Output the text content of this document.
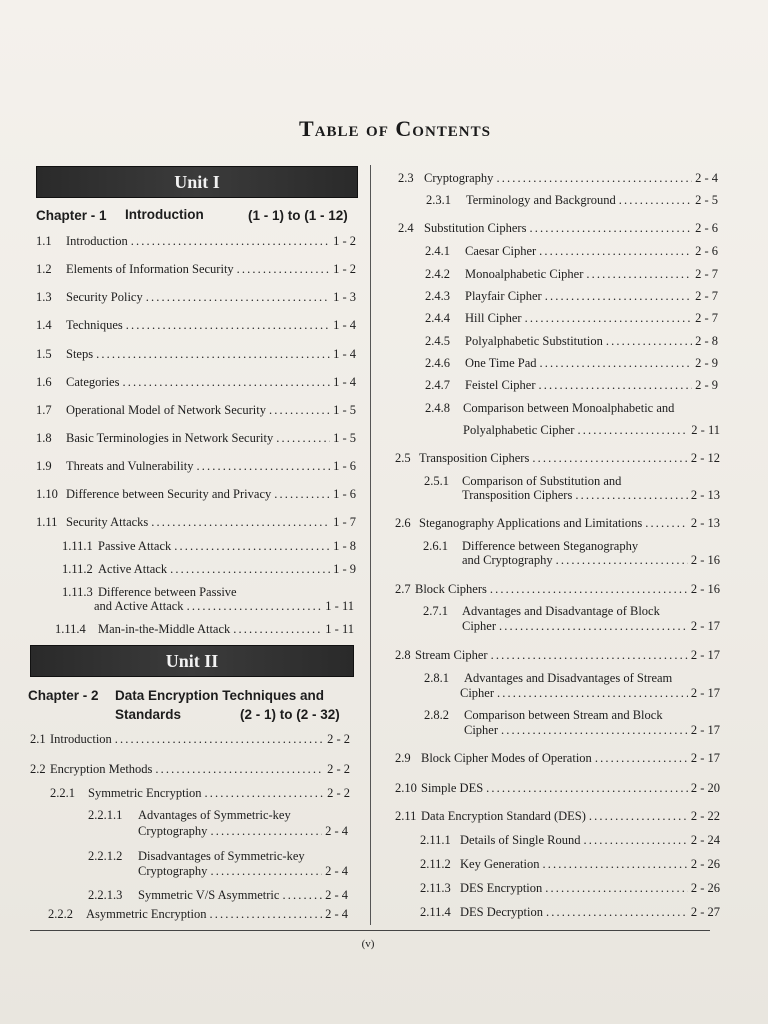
Table of Contents
Unit I
Chapter - 1 Introduction	(1 - 1) to (1 - 12)
1.1	Introduction . . .	1 - 2
1.2	Elements of Information Security . . .	1 - 2
1.3	Security Policy . . .	1 - 3
1.4	Techniques . . .	1 - 4
1.5	Steps . . .	1 - 4
1.6	Categories . . .	1 - 4
1.7	Operational Model of Network Security . . .	1 - 5
1.8	Basic Terminologies in Network Security . . .	1 - 5
1.9	Threats and Vulnerability . . .	1 - 6
1.10 Difference between Security and Privacy . . .	1 - 6
1.11 Security Attacks . . .	1 - 7
1.11.1 Passive Attack . . .	1 - 8
1.11.2 Active Attack . . .	1 - 9
1.11.3 Difference between Passive
and Active Attack . . .	1 - 11
1.11.4 Man-in-the-Middle Attack . . .	1 - 11
Unit II
Chapter - 2 Data Encryption Techniques and
Standards	(2 - 1) to (2 - 32)
2.1 Introduction . . .	2 - 2
2.2 Encryption Methods . . .	2 - 2
2.2.1	Symmetric Encryption . . .	2 - 2
2.2.1.1 Advantages of Symmetric-key
Cryptography . . .	2 - 4
2.2.1.2 Disadvantages of Symmetric-key
Cryptography . . .	2 - 4
2.2.1.3	Symmetric V/S Asymmetric . . .	2 - 4
2.2.2	Asymmetric Encryption . . .	2 - 4
2.3 Cryptography . . .	2 - 4
2.3.1	Terminology and Background . . .	2 - 5
2.4 Substitution Ciphers . . .	2 - 6
2.4.1	Caesar Cipher . . .	2 - 6
2.4.2	Monoalphabetic Cipher . . .	2 - 7
2.4.3	Playfair Cipher . . .	2 - 7
2.4.4	Hill Cipher . . .	2 - 7
2.4.5	Polyalphabetic Substitution . . .	2 - 8
2.4.6	One Time Pad . . .	2 - 9
2.4.7	Feistel Cipher . . .	2 - 9
2.4.8 Comparison between Monoalphabetic and
Polyalphabetic Cipher . . .	2 - 11
2.5 Transposition Ciphers . . .	2 - 12
2.5.1 Comparison of Substitution and
Transposition Ciphers . . .	2 - 13
2.6 Steganography Applications and Limitations . . .	2 - 13
2.6.1 Difference between Steganography
and Cryptography . . .	2 - 16
2.7 Block Ciphers . . .	2 - 16
2.7.1 Advantages and Disadvantage of Block
Cipher . . .	2 - 17
2.8 Stream Cipher . . .	2 - 17
2.8.1 Advantages and Disadvantages of Stream
Cipher . . .	2 - 17
2.8.2 Comparison between Stream and Block
Cipher . . .	2 - 17
2.9 Block Cipher Modes of Operation . . .	2 - 17
2.10 Simple DES . . .	2 - 20
2.11 Data Encryption Standard (DES) . . .	2 - 22
2.11.1 Details of Single Round . . .	2 - 24
2.11.2 Key Generation . . .	2 - 26
2.11.3 DES Encryption . . .	2 - 26
2.11.4 DES Decryption . . .	2 - 27
(v)
